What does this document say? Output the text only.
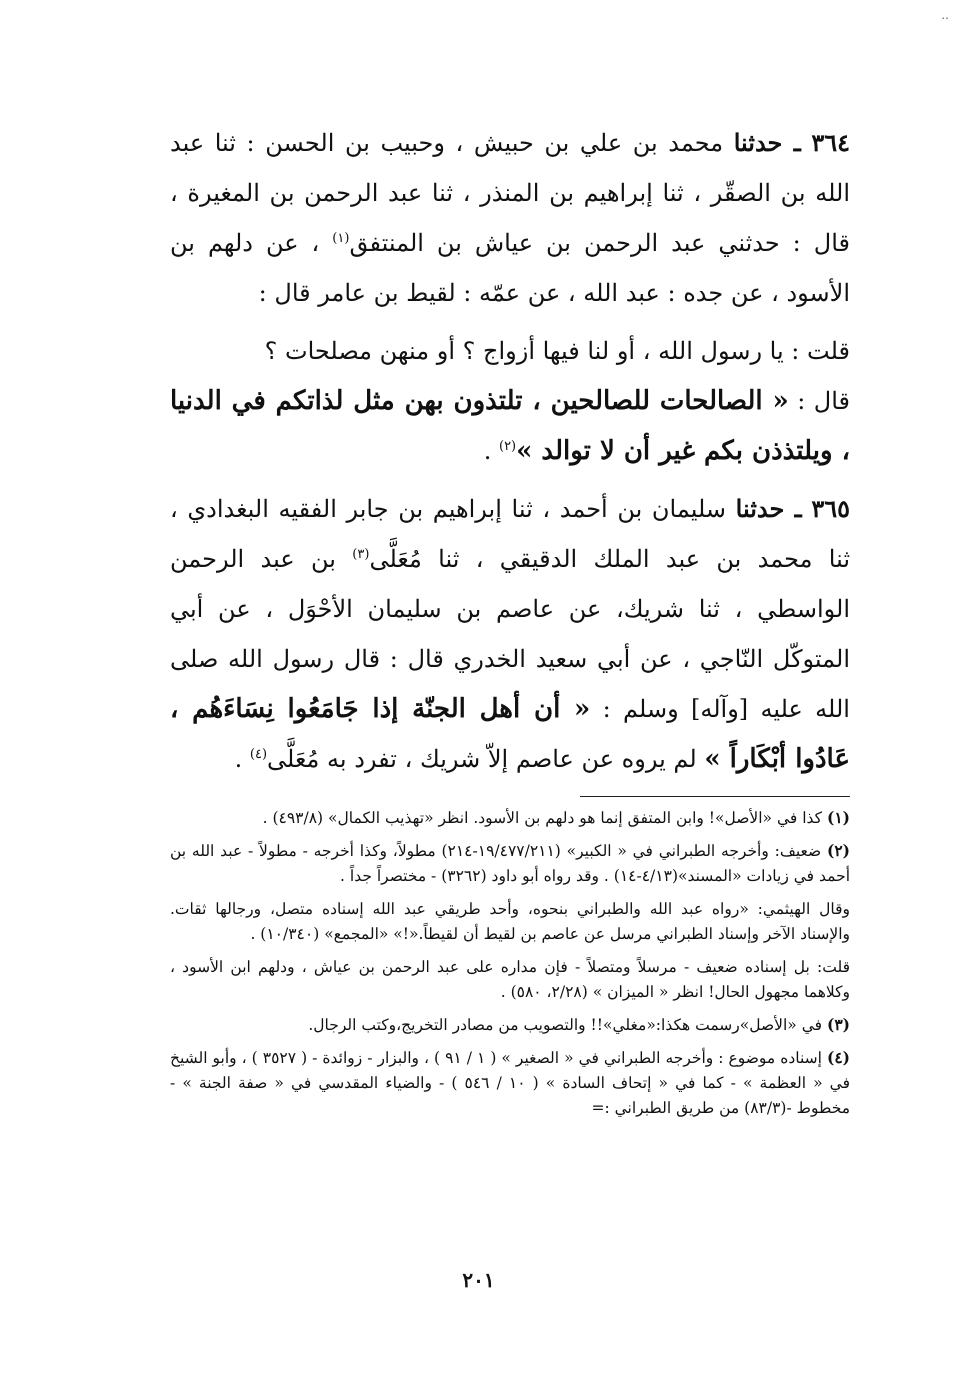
..

٣٦٤ ـ حدثنا محمد بن علي بن حبيش ، وحبيب بن الحسن : ثنا عبد الله بن الصقّر ، ثنا إبراهيم بن المنذر ، ثنا عبد الرحمن بن المغيرة ، قال : حدثني عبد الرحمن بن عياش بن المنتفق$^{(١)}$ ، عن دلهم بن الأسود ، عن جده : عبد الله ، عن عمّه : لقيط بن عامر قال :

قلت : يا رسول الله ، أو لنا فيها أزواج ؟ أو منهن مصلحات ؟

قال : « الصالحات للصالحين ، تلتذون بهن مثل لذاتكم في الدنيا ، ويلتذذن بكم غير أن لا توالد »$^{(٢)}$ .

٣٦٥ ـ حدثنا سليمان بن أحمد ، ثنا إبراهيم بن جابر الفقيه البغدادي ، ثنا محمد بن عبد الملك الدقيقي ، ثنا مُعَلَّى$^{(٣)}$ بن عبد الرحمن الواسطي ، ثنا شريك، عن عاصم بن سليمان الأحْوَل ، عن أبي المتوكّل النّاجي ، عن أبي سعيد الخدري قال : قال رسول الله صلى الله عليه [وآله] وسلم : « أن أهل الجنّة إذا جَامَعُوا نِسَاءَهُم ، عَادُوا أبْكَاراً » لم يروه عن عاصم إلاّ شريك ، تفرد به مُعَلَّى$^{(٤)}$ .

(١) كذا في «الأصل»! وابن المتفق إنما هو دلهم بن الأسود. انظر «تهذيب الكمال» (٤٩٣/٨) .

(٢) ضعيف: وأخرجه الطبراني في « الكبير» (١٩/٤٧٧/٢١١-٢١٤) مطولاً، وكذا أخرجه - مطولاً - عبد الله بن أحمد في زيادات «المسند»(٤/١٣-١٤) . وقد رواه أبو داود (٣٢٦٢) - مختصراً جداً .

وقال الهيثمي: «رواه عبد الله والطبراني بنحوه، وأحد طريقي عبد الله إسناده متصل، ورجالها ثقات. والإسناد الآخر وإسناد الطبراني مرسل عن عاصم بن لقيط أن لقيطاً.«!» «المجمع» (١٠/٣٤٠) .

قلت: بل إسناده ضعيف - مرسلاً ومتصلاً - فإن مداره على عبد الرحمن بن عياش ، ودلهم ابن الأسود ، وكلاهما مجهول الحال! انظر « الميزان » (٢/٢٨، ٥٨٠) .

(٣) في «الأصل»رسمت هكذا:«مغلي»!! والتصويب من مصادر التخريج،وكتب الرجال.

(٤) إسناده موضوع : وأخرجه الطبراني في « الصغير » ( ١ / ٩١ ) ، والبزار - زوائدة - ( ٣٥٢٧ ) ، وأبو الشيخ في « العظمة » - كما في « إتحاف السادة » ( ١٠ / ٥٤٦ ) - والضياء المقدسي في « صفة الجنة » - مخطوط -(٨٣/٣) من طريق الطبراني :=

٢٠١
